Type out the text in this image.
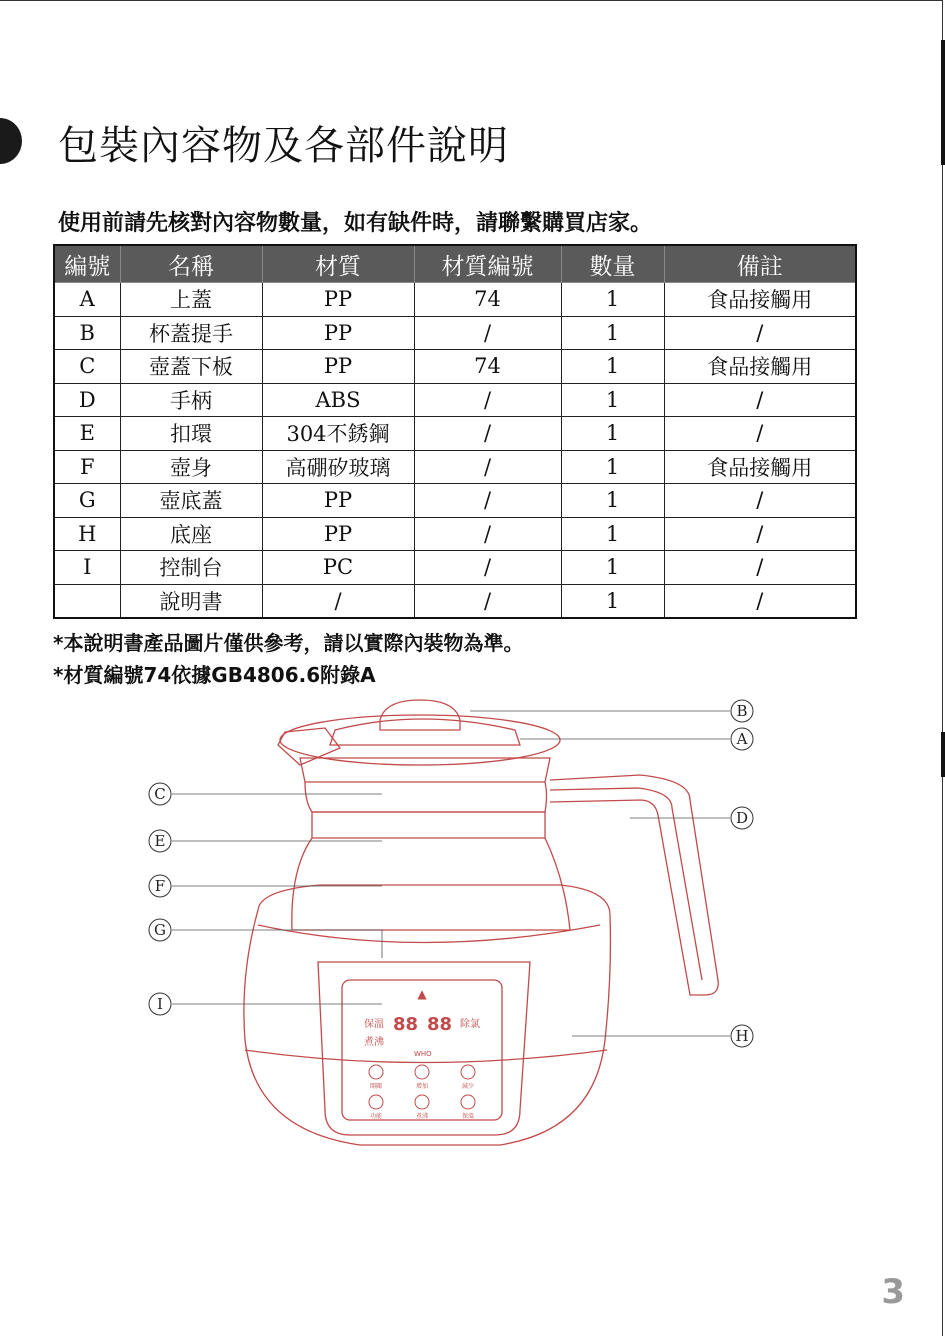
包裝內容物及各部件說明
使用前請先核對內容物數量，如有缺件時，請聯繫購買店家。
編號	名稱	材質	材質編號	數量	備註
A	上蓋	PP	74	1	食品接觸用
B	杯蓋提手	PP	/	1	/
C	壺蓋下板	PP	74	1	食品接觸用
D	手柄	ABS	/	1	/
E	扣環	304不銹鋼	/	1	/
F	壺身	高硼矽玻璃	/	1	食品接觸用
G	壺底蓋	PP	/	1	/
H	底座	PP	/	1	/
I	控制台	PC	/	1	/
	說明書	/	/	1	/
*本說明書產品圖片僅供參考，請以實際內裝物為準。
*材質編號74依據GB4806.6附錄A
▲
保溫 88 88 除氯
煮沸
WHO
開關	增加	減少
功能	煮沸	保溫
B
A
C
D
E
F
G
I
H
3
